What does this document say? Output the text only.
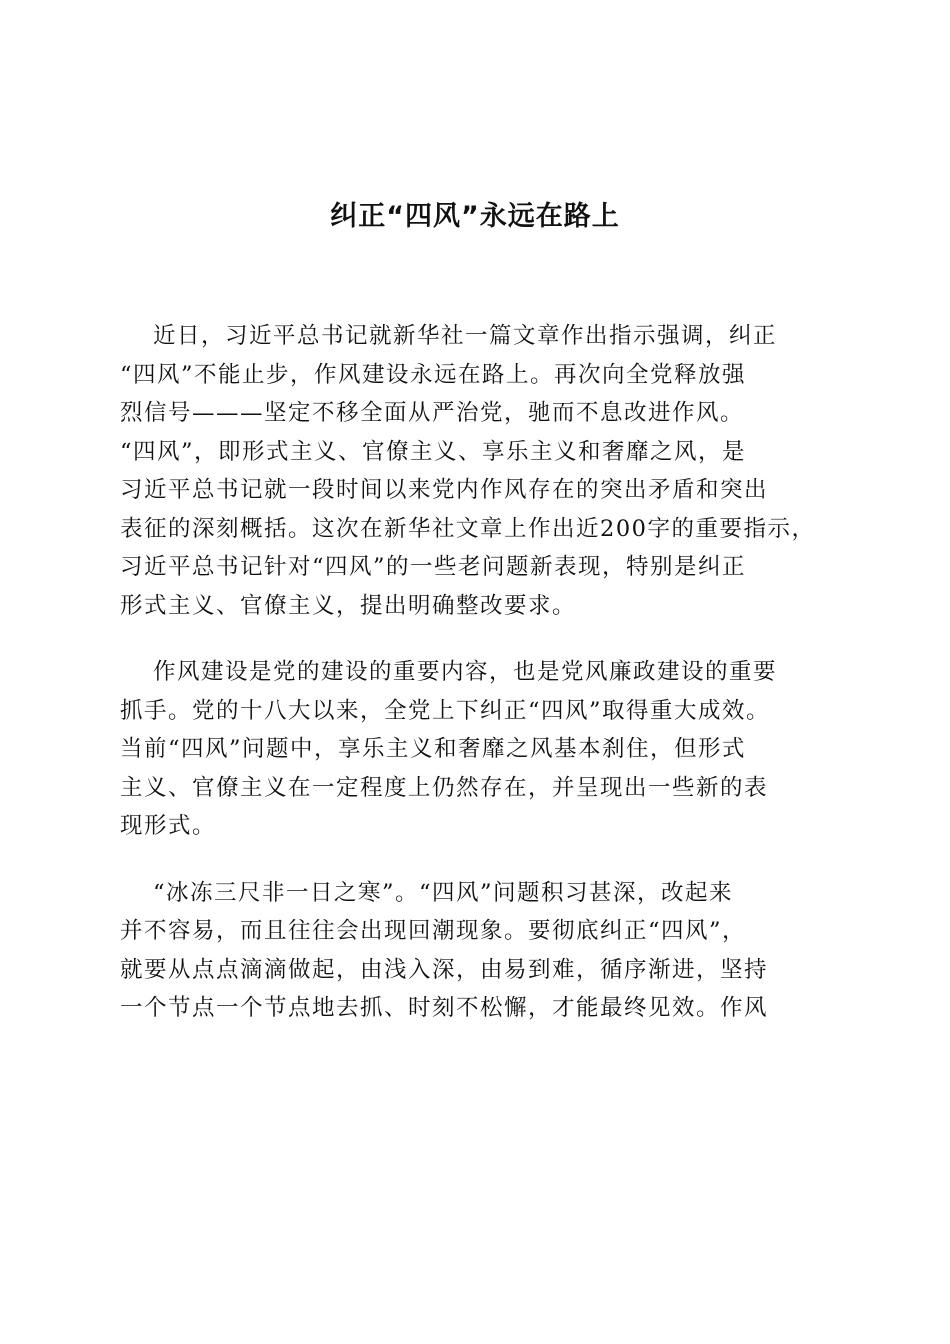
纠正“四风”永远在路上
近日，习近平总书记就新华社一篇文章作出指示强调，纠正
“四风”不能止步，作风建设永远在路上。再次向全党释放强
烈信号———坚定不移全面从严治党，驰而不息改进作风。
“四风”，即形式主义、官僚主义、享乐主义和奢靡之风，是
习近平总书记就一段时间以来党内作风存在的突出矛盾和突出
表征的深刻概括。这次在新华社文章上作出近200字的重要指示，
习近平总书记针对“四风”的一些老问题新表现，特别是纠正
形式主义、官僚主义，提出明确整改要求。
作风建设是党的建设的重要内容，也是党风廉政建设的重要
抓手。党的十八大以来，全党上下纠正“四风”取得重大成效。
当前“四风”问题中，享乐主义和奢靡之风基本刹住，但形式
主义、官僚主义在一定程度上仍然存在，并呈现出一些新的表
现形式。
“冰冻三尺非一日之寒”。“四风”问题积习甚深，改起来
并不容易，而且往往会出现回潮现象。要彻底纠正“四风”，
就要从点点滴滴做起，由浅入深，由易到难，循序渐进，坚持
一个节点一个节点地去抓、时刻不松懈，才能最终见效。作风
